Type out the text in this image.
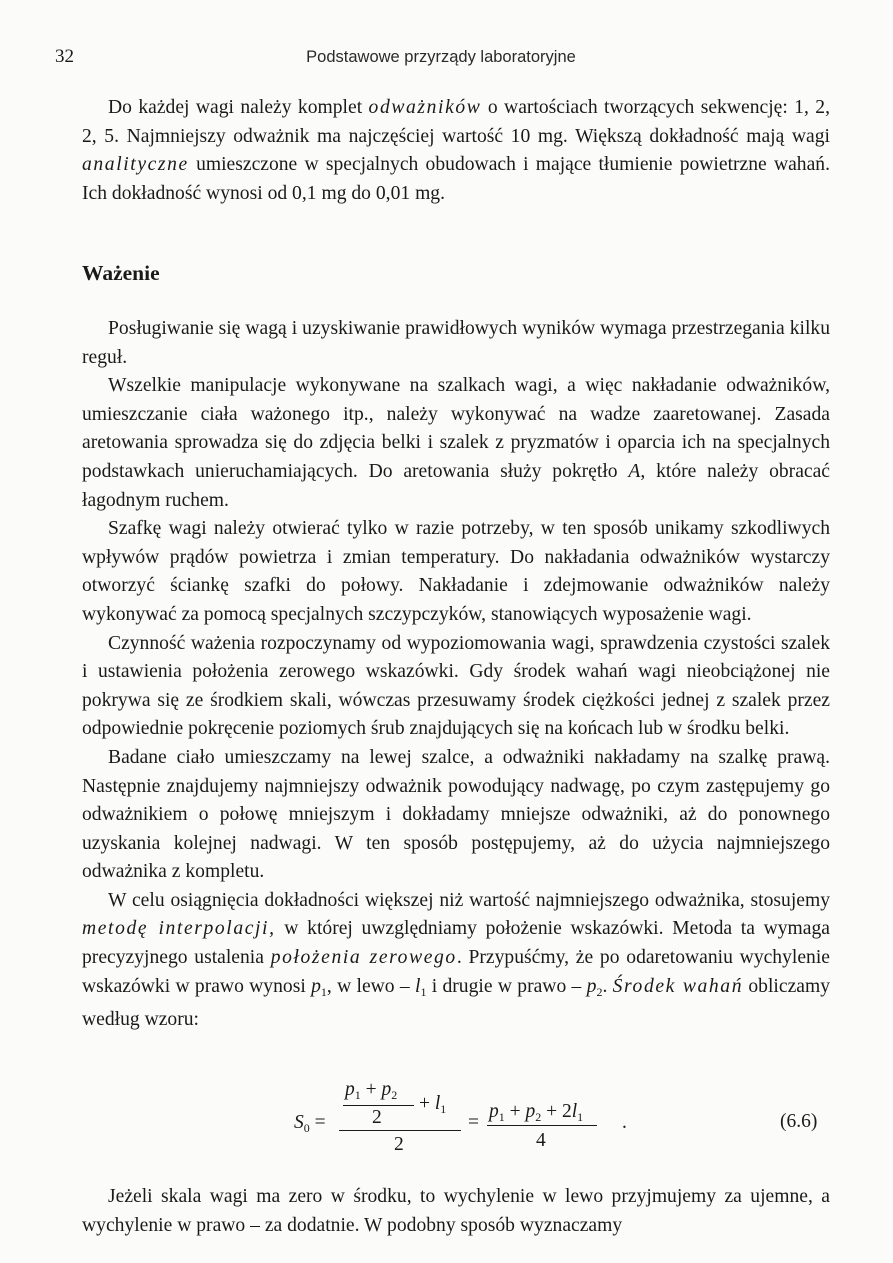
32	Podstawowe przyrządy laboratoryjne

Do każdej wagi należy komplet odważników o wartościach tworzących sekwencję: 1, 2, 2, 5. Najmniejszy odważnik ma najczęściej wartość 10 mg. Większą dokładność mają wagi analityczne umieszczone w specjalnych obudowach i mające tłumienie powietrzne wahań. Ich dokładność wynosi od 0,1 mg do 0,01 mg.

Ważenie

Posługiwanie się wagą i uzyskiwanie prawidłowych wyników wymaga przestrzegania kilku reguł.

Wszelkie manipulacje wykonywane na szalkach wagi, a więc nakładanie odważników, umieszczanie ciała ważonego itp., należy wykonywać na wadze zaaretowanej. Zasada aretowania sprowadza się do zdjęcia belki i szalek z pryzmatów i oparcia ich na specjalnych podstawkach unieruchamiających. Do aretowania służy pokrętło A, które należy obracać łagodnym ruchem.

Szafkę wagi należy otwierać tylko w razie potrzeby, w ten sposób unikamy szkodliwych wpływów prądów powietrza i zmian temperatury. Do nakładania odważników wystarczy otworzyć ściankę szafki do połowy. Nakładanie i zdejmowanie odważników należy wykonywać za pomocą specjalnych szczypczyków, stanowiących wyposażenie wagi.

Czynność ważenia rozpoczynamy od wypoziomowania wagi, sprawdzenia czystości szalek i ustawienia położenia zerowego wskazówki. Gdy środek wahań wagi nieobciążonej nie pokrywa się ze środkiem skali, wówczas przesuwamy środek ciężkości jednej z szalek przez odpowiednie pokręcenie poziomych śrub znajdujących się na końcach lub w środku belki.

Badane ciało umieszczamy na lewej szalce, a odważniki nakładamy na szalkę prawą. Następnie znajdujemy najmniejszy odważnik powodujący nadwagę, po czym zastępujemy go odważnikiem o połowę mniejszym i dokładamy mniejsze odważniki, aż do ponownego uzyskania kolejnej nadwagi. W ten sposób postępujemy, aż do użycia najmniejszego odważnika z kompletu.

W celu osiągnięcia dokładności większej niż wartość najmniejszego odważnika, stosujemy metodę interpolacji, w której uwzględniamy położenie wskazówki. Metoda ta wymaga precyzyjnego ustalenia położenia zerowego. Przypuśćmy, że po odaretowaniu wychylenie wskazówki w prawo wynosi $p_1$, w lewo – $l_1$ i drugie w prawo – $p_2$. Środek wahań obliczamy według wzoru:

$S_0$ =
$p_1 + p_2$
2
+ $l_1$
2
=
$p_1 + p_2 + 2l_1$
4
.	(6.6)

Jeżeli skala wagi ma zero w środku, to wychylenie w lewo przyjmujemy za ujemne, a wychylenie w prawo – za dodatnie. W podobny sposób wyznaczamy
